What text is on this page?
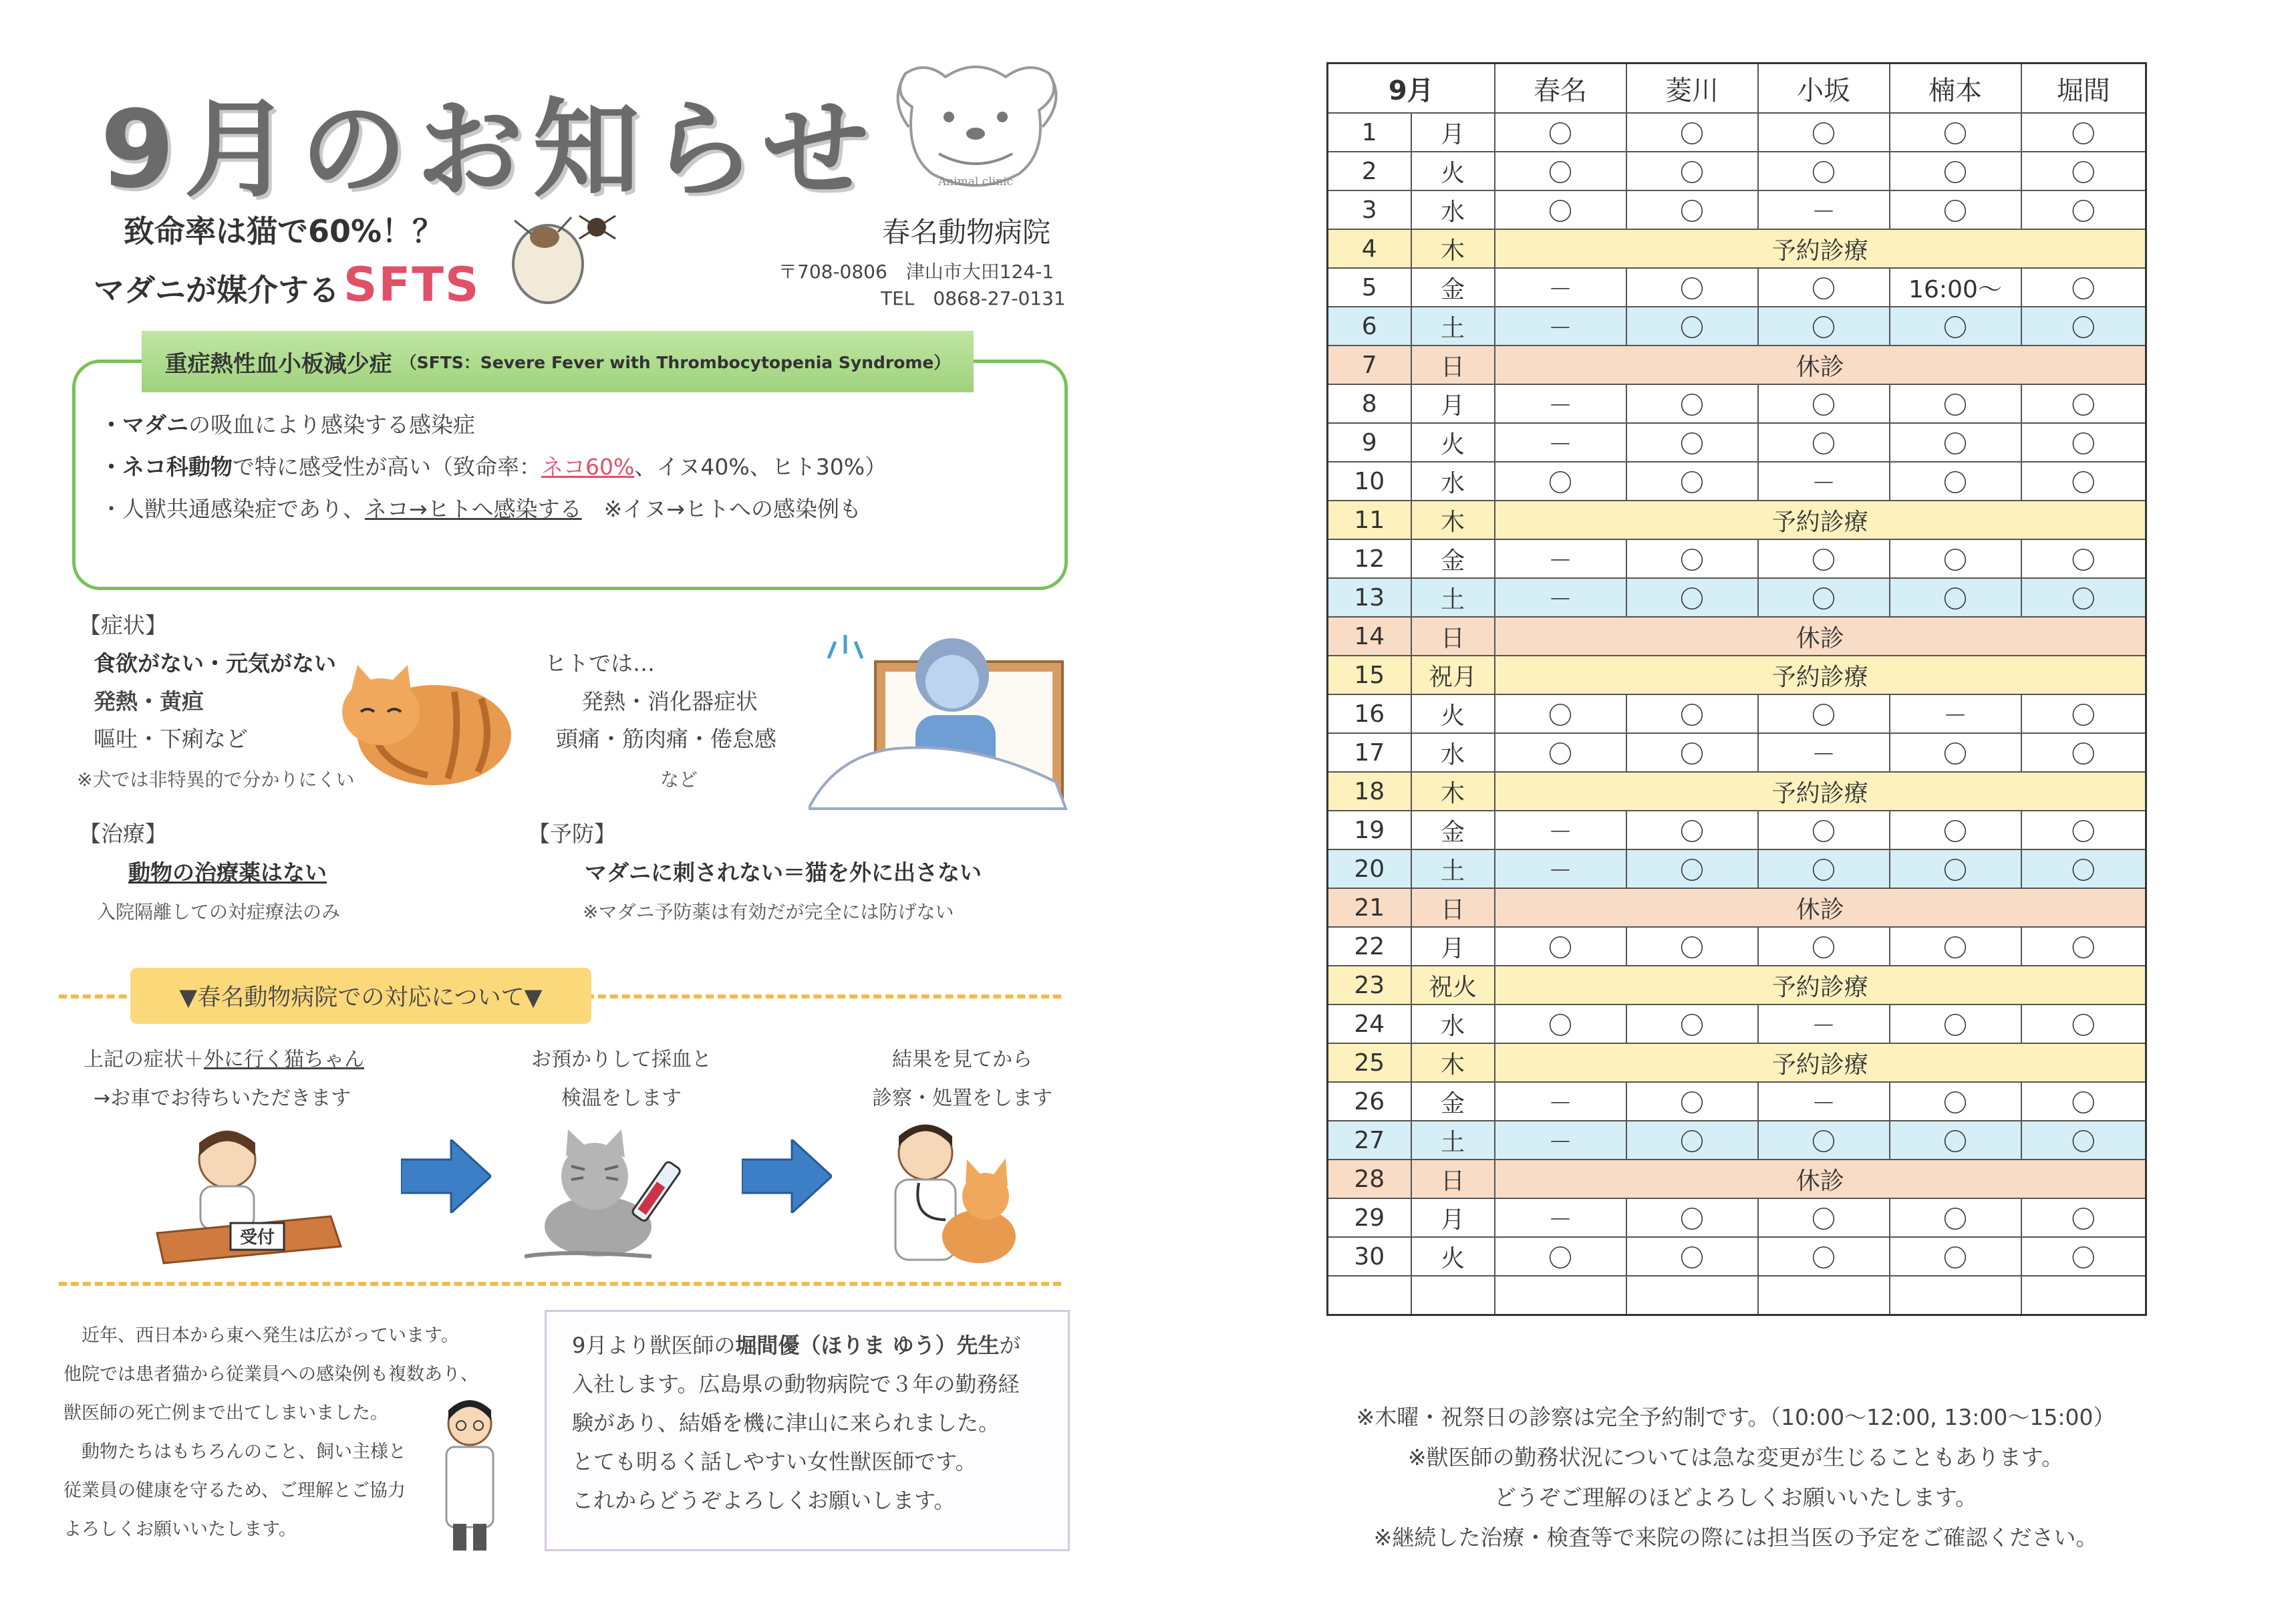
9月のお知らせ	Animal clinic
致命率は猫で60%！？
マダニが媒介するSFTS
春名動物病院
〒708-0806　津山市大田124-1
TEL　0868-27-0131
重症熱性血小板減少症 （SFTS：Severe Fever with Thrombocytopenia Syndrome）
・マダニの吸血により感染する感染症
・ネコ科動物で特に感受性が高い（致命率：ネコ60%、イヌ40%、ヒト30%）
・人獣共通感染症であり、ネコ→ヒトへ感染する　※イヌ→ヒトへの感染例も
【症状】
食欲がない・元気がない
発熱・黄疸
嘔吐・下痢など
※犬では非特異的で分かりにくい
ヒトでは…
発熱・消化器症状
頭痛・筋肉痛・倦怠感
など
【治療】
動物の治療薬はない
入院隔離しての対症療法のみ
【予防】
マダニに刺されない＝猫を外に出さない
※マダニ予防薬は有効だが完全には防げない
▼春名動物病院での対応について▼
上記の症状＋外に行く猫ちゃん
→お車でお待ちいただきます
お預かりして採血と
検温をします
結果を見てから
診察・処置をします
受付
　近年、西日本から東へ発生は広がっています。
他院では患者猫から従業員への感染例も複数あり、
獣医師の死亡例まで出てしまいました。
　動物たちはもちろんのこと、飼い主様と
従業員の健康を守るため、ご理解とご協力
よろしくお願いいたします。
9月より獣医師の堀間優（ほりま ゆう）先生が
入社します。広島県の動物病院で３年の勤務経
験があり、結婚を機に津山に来られました。
とても明るく話しやすい女性獣医師です。
これからどうぞよろしくお願いします。
9月		春名	菱川	小坂	楠本	堀間
1	月	〇	〇	〇	〇	〇
2	火	〇	〇	〇	〇	〇
3	水	〇	〇	－	〇	〇
4	木	予約診療				
5	金	－	〇	〇	16:00～	〇
6	土	－	〇	〇	〇	〇
7	日	休診				
8	月	－	〇	〇	〇	〇
9	火	－	〇	〇	〇	〇
10	水	〇	〇	－	〇	〇
11	木	予約診療				
12	金	－	〇	〇	〇	〇
13	土	－	〇	〇	〇	〇
14	日	休診				
15	祝月	予約診療				
16	火	〇	〇	〇	－	〇
17	水	〇	〇	－	〇	〇
18	木	予約診療				
19	金	－	〇	〇	〇	〇
20	土	－	〇	〇	〇	〇
21	日	休診				
22	月	〇	〇	〇	〇	〇
23	祝火	予約診療				
24	水	〇	〇	－	〇	〇
25	木	予約診療				
26	金	－	〇	－	〇	〇
27	土	－	〇	〇	〇	〇
28	日	休診				
29	月	－	〇	〇	〇	〇
30	火	〇	〇	〇	〇	〇

※木曜・祝祭日の診察は完全予約制です。（10:00～12:00, 13:00～15:00）
※獣医師の勤務状況については急な変更が生じることもあります。
どうぞご理解のほどよろしくお願いいたします。
※継続した治療・検査等で来院の際には担当医の予定をご確認ください。
